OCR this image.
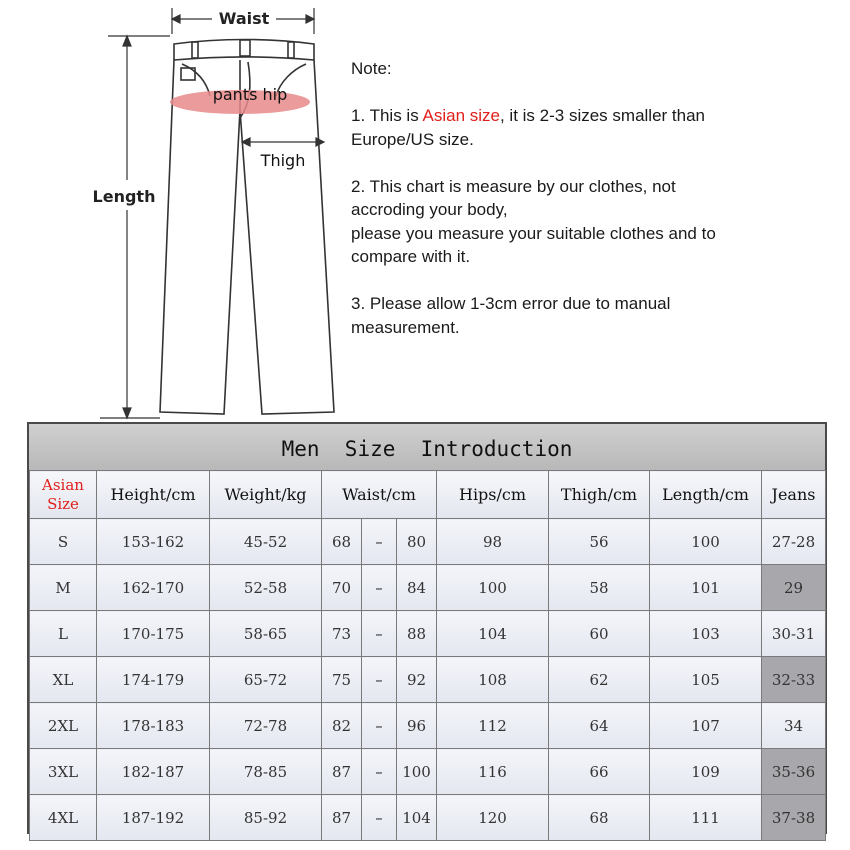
Waist
Length
pants hip
Thigh

Note:

1. This is Asian size, it is 2-3 sizes smaller than

Europe/US size.

2. This chart is measure by our clothes, not

accroding your body,

please you measure your suitable clothes and to

compare with it.

3. Please allow 1-3cm error due to manual

measurement.

Men  Size  Introduction
Asian
Size	Height/cm	Weight/kg	Waist/cm			Hips/cm	Thigh/cm	Length/cm	Jeans
S	153-162	45-52	68	–	80	98	56	100	27-28
M	162-170	52-58	70	–	84	100	58	101	29
L	170-175	58-65	73	–	88	104	60	103	30-31
XL	174-179	65-72	75	–	92	108	62	105	32-33
2XL	178-183	72-78	82	–	96	112	64	107	34
3XL	182-187	78-85	87	–	100	116	66	109	35-36
4XL	187-192	85-92	87	–	104	120	68	111	37-38
